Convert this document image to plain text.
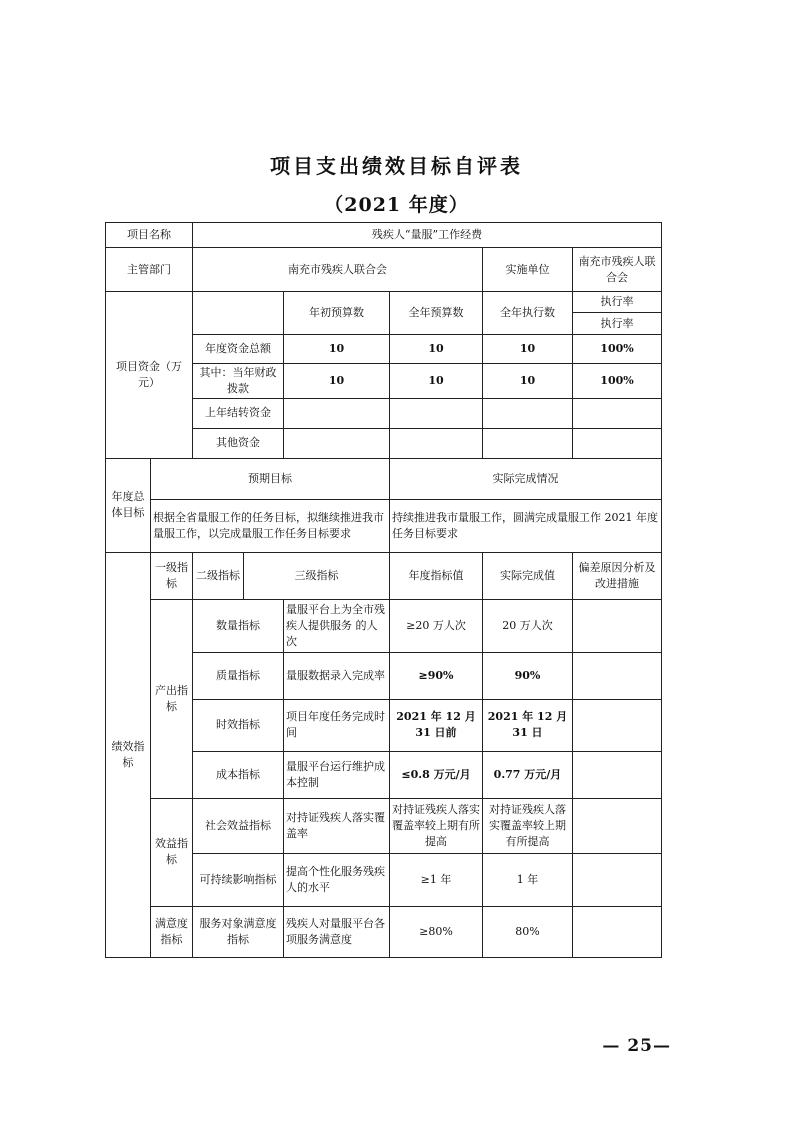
项目支出绩效目标自评表
（2021 年度）
项目名称		残疾人“量服”工作经费					
主管部门		南充市残疾人联合会				实施单位	南充市残疾人联合会
项目资金（万元）				年初预算数	全年预算数	全年执行数	执行率
							执行率
		年度资金总额		10	10	10	100%
		其中：当年财政拨款		10	10	10	100%
		上年结转资金					
		其他资金					
年度总体目标	预期目标				实际完成情况		
	根据全省量服工作的任务目标，拟继续推进我市量服工作，以完成量服工作任务目标要求				持续推进我市量服工作，圆满完成量服工作 2021 年度任务目标要求		
绩效指标	一级指标	二级指标	三级指标		年度指标值	实际完成值	偏差原因分析及改进措施
	产出指标	数量指标		量服平台上为全市残疾人提供服务 的人次	≥20 万人次	20 万人次	
		质量指标		量服数据录入完成率	≥90%	90%	
		时效指标		项目年度任务完成时间	2021 年 12 月 31 日前	2021 年 12 月 31 日	
		成本指标		量服平台运行维护成本控制	≤0.8 万元/月	0.77 万元/月	
	效益指标	社会效益指标		对持证残疾人落实覆盖率	对持证残疾人落实覆盖率较上期有所提高	对持证残疾人落实覆盖率较上期有所提高	
		可持续影响指标		提高个性化服务残疾人的水平	≥1 年	1 年	
	满意度指标	服务对象满意度指标		残疾人对量服平台各项服务满意度	≥80%	80%	
— 25—
